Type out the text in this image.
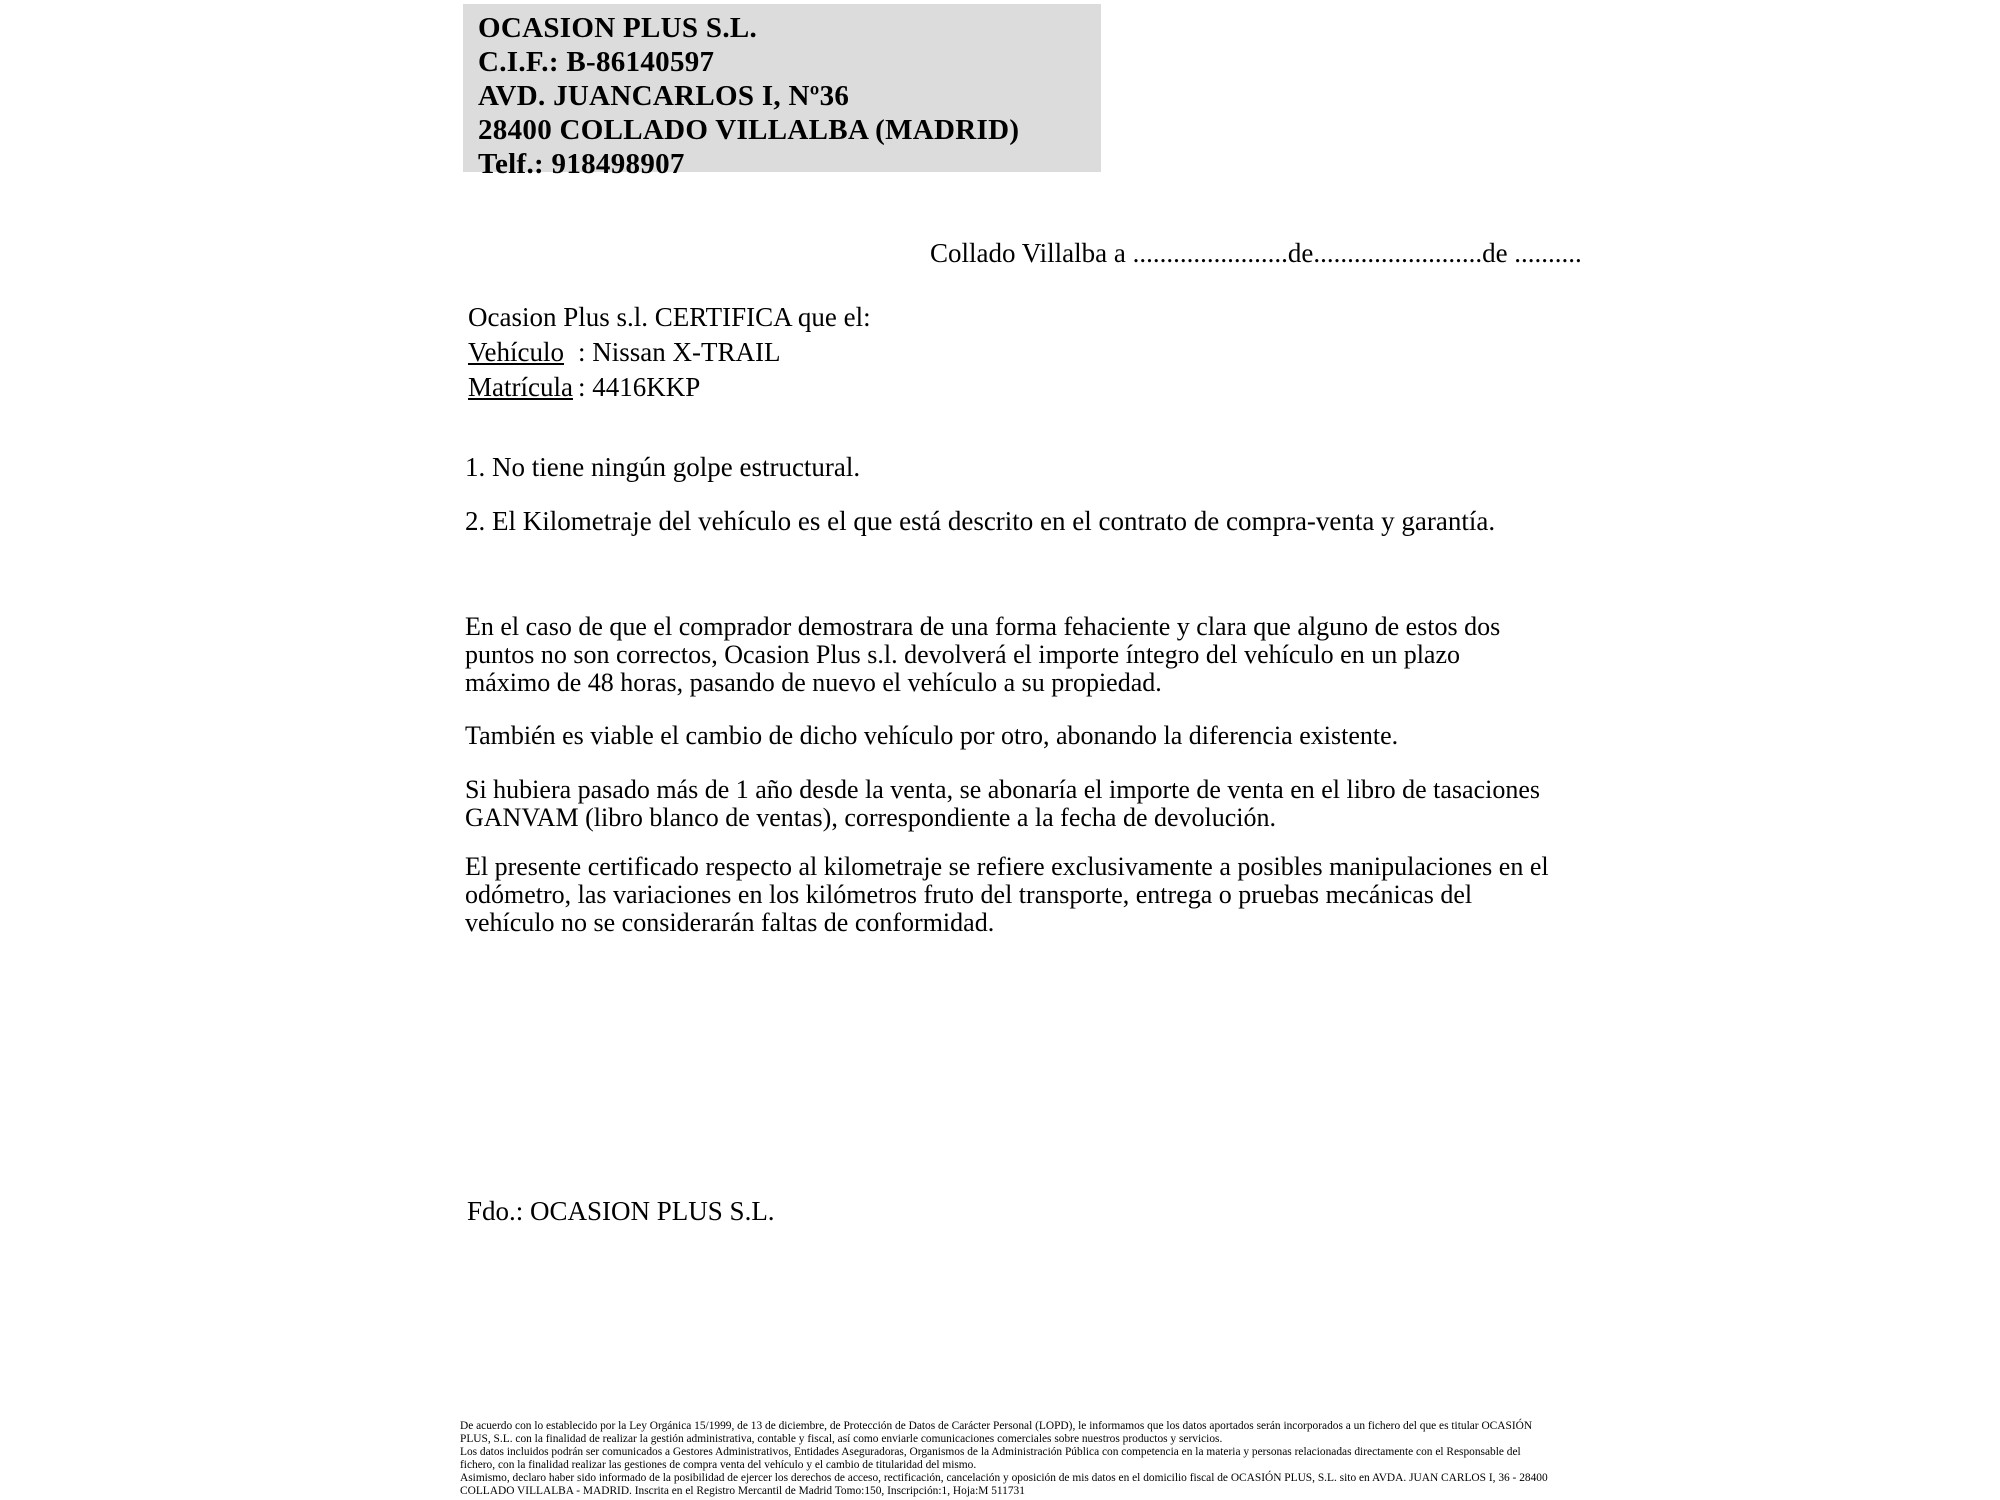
OCASION PLUS S.L.
C.I.F.: B-86140597
AVD. JUANCARLOS I, Nº36
28400 COLLADO VILLALBA (MADRID)
Telf.: 918498907
Collado Villalba a .......................de.........................de ..........
Ocasion Plus s.l. CERTIFICA que el:
Vehículo : Nissan X-TRAIL
Matrícula : 4416KKP
1. No tiene ningún golpe estructural.
2. El Kilometraje del vehículo es el que está descrito en el contrato de compra-venta y garantía.
En el caso de que el comprador demostrara de una forma fehaciente y clara que alguno de estos dos puntos no son correctos, Ocasion Plus s.l. devolverá el importe íntegro del vehículo en un plazo máximo de 48 horas, pasando de nuevo el vehículo a su propiedad.
También es viable el cambio de dicho vehículo por otro, abonando la diferencia existente.
Si hubiera pasado más de 1 año desde la venta, se abonaría el importe de venta en el libro de tasaciones GANVAM (libro blanco de ventas), correspondiente a la fecha de devolución.
El presente certificado respecto al kilometraje se refiere exclusivamente a posibles manipulaciones en el odómetro, las variaciones en los kilómetros fruto del transporte, entrega o pruebas mecánicas del vehículo no se considerarán faltas de conformidad.
Fdo.: OCASION PLUS S.L.

De acuerdo con lo establecido por la Ley Orgánica 15/1999, de 13 de diciembre, de Protección de Datos de Carácter Personal (LOPD), le informamos que los datos aportados serán incorporados a un fichero del que es titular OCASIÓN PLUS, S.L. con la finalidad de realizar la gestión administrativa, contable y fiscal, así como enviarle comunicaciones comerciales sobre nuestros productos y servicios.

Los datos incluidos podrán ser comunicados a Gestores Administrativos, Entidades Aseguradoras, Organismos de la Administración Pública con competencia en la materia y personas relacionadas directamente con el Responsable del fichero, con la finalidad realizar las gestiones de compra venta del vehículo y el cambio de titularidad del mismo.

Asimismo, declaro haber sido informado de la posibilidad de ejercer los derechos de acceso, rectificación, cancelación y oposición de mis datos en el domicilio fiscal de OCASIÓN PLUS, S.L. sito en AVDA. JUAN CARLOS I, 36 - 28400 COLLADO VILLALBA - MADRID. Inscrita en el Registro Mercantil de Madrid Tomo:150, Inscripción:1, Hoja:M 511731
